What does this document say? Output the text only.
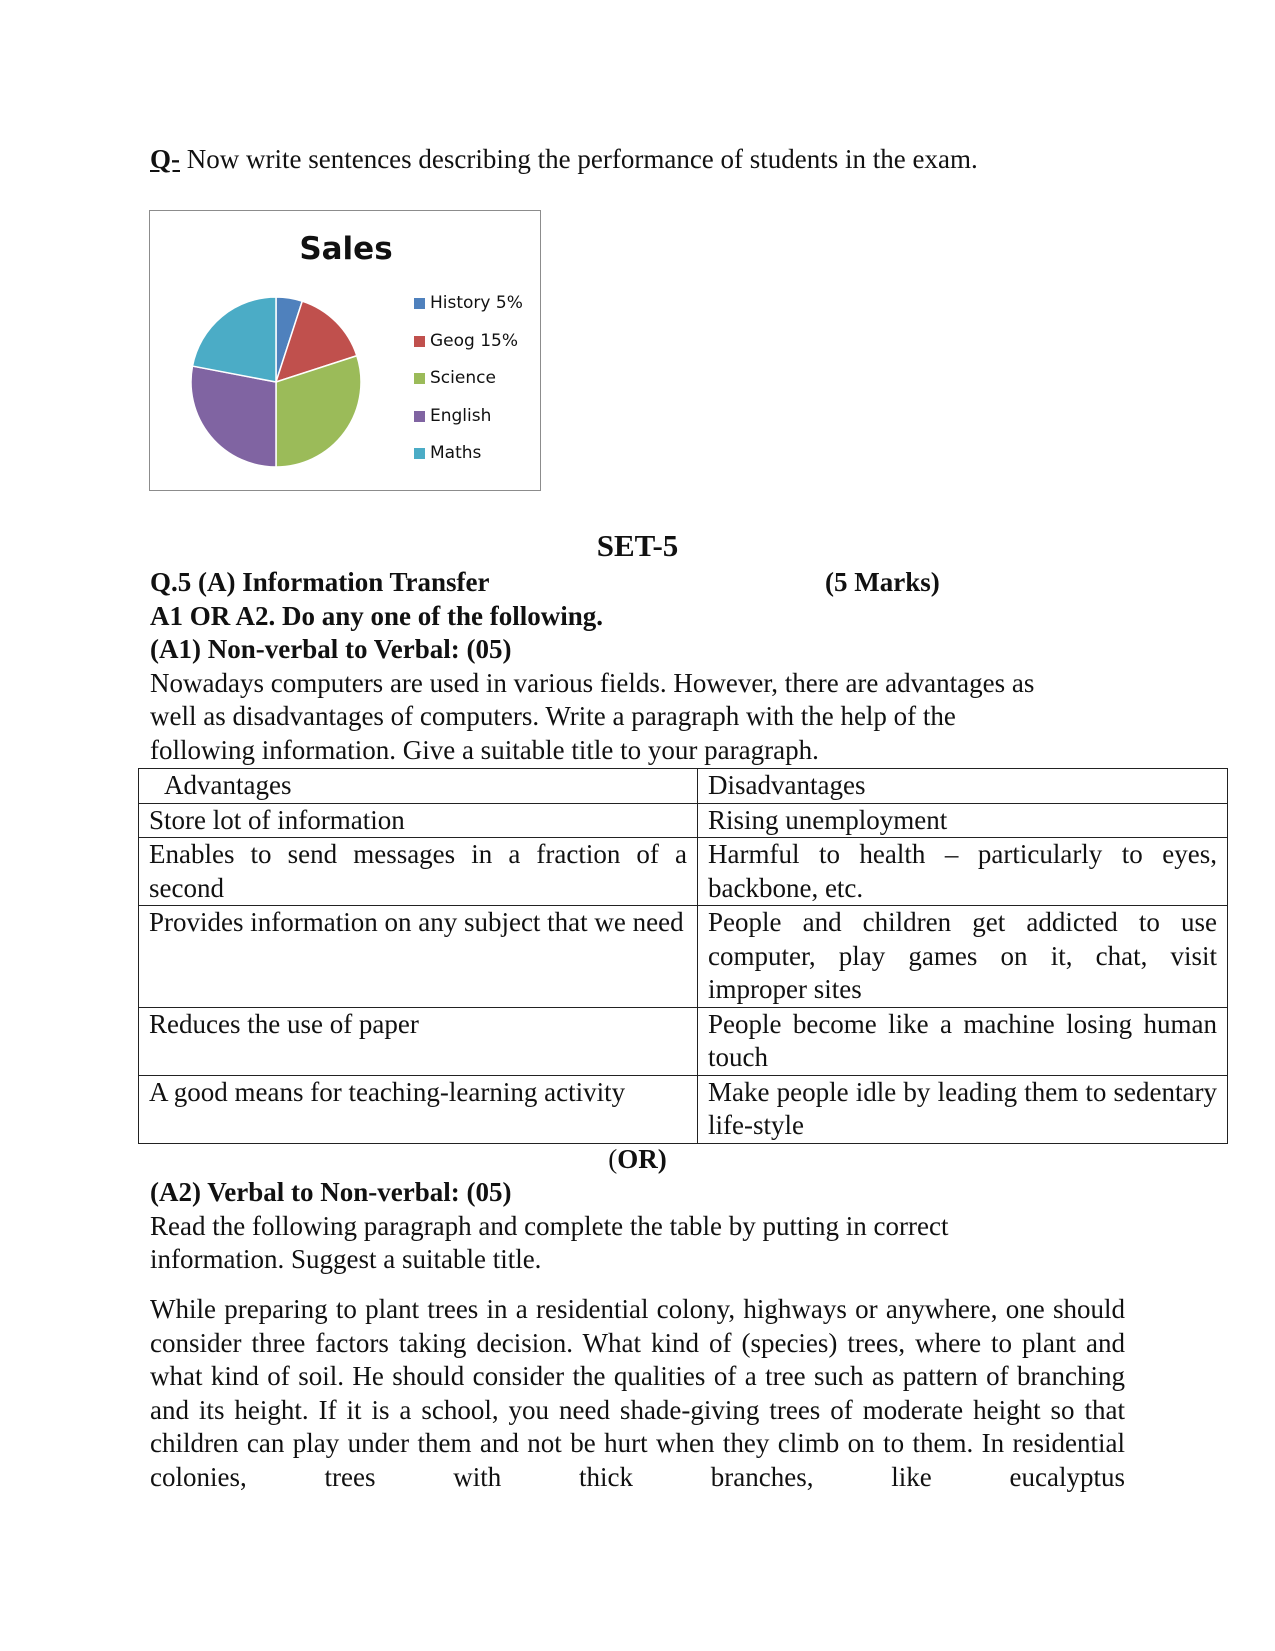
Q- Now write sentences describing the performance of students in the exam.
Sales
History 5%
Geog 15%
Science
English
Maths
SET-5
Q.5 (A) Information Transfer	(5 Marks)
A1 OR A2. Do any one of the following.
(A1) Non-verbal to Verbal: (05)
Nowadays computers are used in various fields. However, there are advantages as
well as disadvantages of computers. Write a paragraph with the help of the
following information. Give a suitable title to your paragraph.
Advantages	Disadvantages
Store lot of information	Rising unemployment
Enables to send messages in a fraction of a second	Harmful to health – particularly to eyes, backbone, etc.
Provides information on any subject that we need	People and children get addicted to use computer, play games on it, chat, visit improper sites
Reduces the use of paper	People become like a machine losing human touch
A good means for teaching-learning activity	Make people idle by leading them to sedentary life-style
(OR)
(A2) Verbal to Non-verbal: (05)
Read the following paragraph and complete the table by putting in correct
information. Suggest a suitable title.
While preparing to plant trees in a residential colony, highways or anywhere, one should consider three factors taking decision. What kind of (species) trees, where to plant and what kind of soil. He should consider the qualities of a tree such as pattern of branching and its height. If it is a school, you need shade-giving trees of moderate height so that children can play under them and not be hurt when they climb on to them. In residential colonies, trees with thick branches, like eucalyptus
